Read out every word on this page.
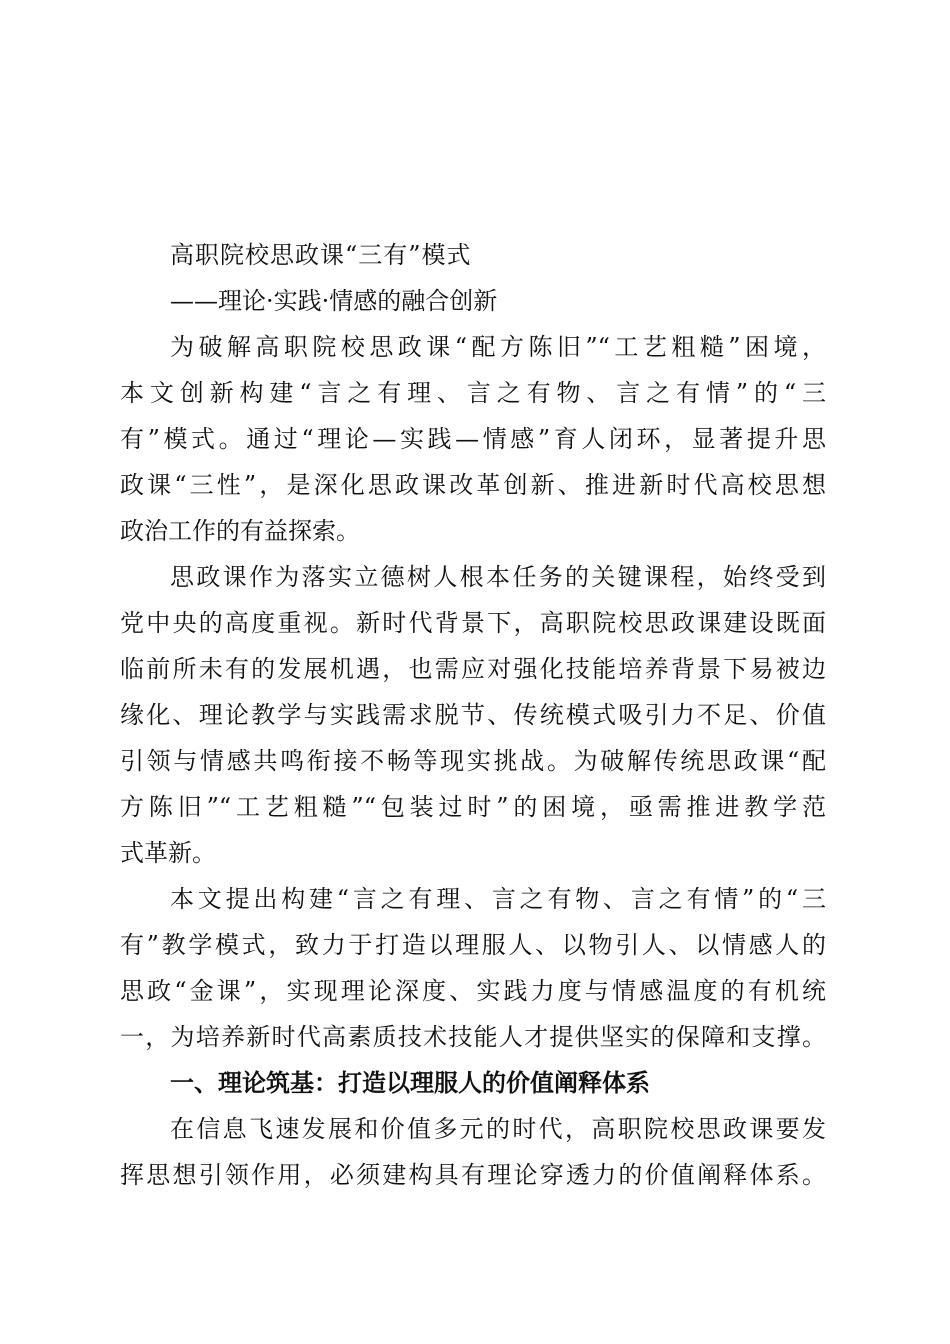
高职院校思政课“三有”模式
——理论·实践·情感的融合创新
为破解高职院校思政课“配方陈旧”“工艺粗糙”困境，
本文创新构建“言之有理、言之有物、言之有情”的“三
有”模式。通过“理论—实践—情感”育人闭环，显著提升思
政课“三性”，是深化思政课改革创新、推进新时代高校思想
政治工作的有益探索。
思政课作为落实立德树人根本任务的关键课程，始终受到
党中央的高度重视。新时代背景下，高职院校思政课建设既面
临前所未有的发展机遇，也需应对强化技能培养背景下易被边
缘化、理论教学与实践需求脱节、传统模式吸引力不足、价值
引领与情感共鸣衔接不畅等现实挑战。为破解传统思政课“配
方陈旧”“工艺粗糙”“包装过时”的困境，亟需推进教学范
式革新。
本文提出构建“言之有理、言之有物、言之有情”的“三
有”教学模式，致力于打造以理服人、以物引人、以情感人的
思政“金课”，实现理论深度、实践力度与情感温度的有机统
一，为培养新时代高素质技术技能人才提供坚实的保障和支撑。
一、理论筑基：打造以理服人的价值阐释体系
在信息飞速发展和价值多元的时代，高职院校思政课要发
挥思想引领作用，必须建构具有理论穿透力的价值阐释体系。
